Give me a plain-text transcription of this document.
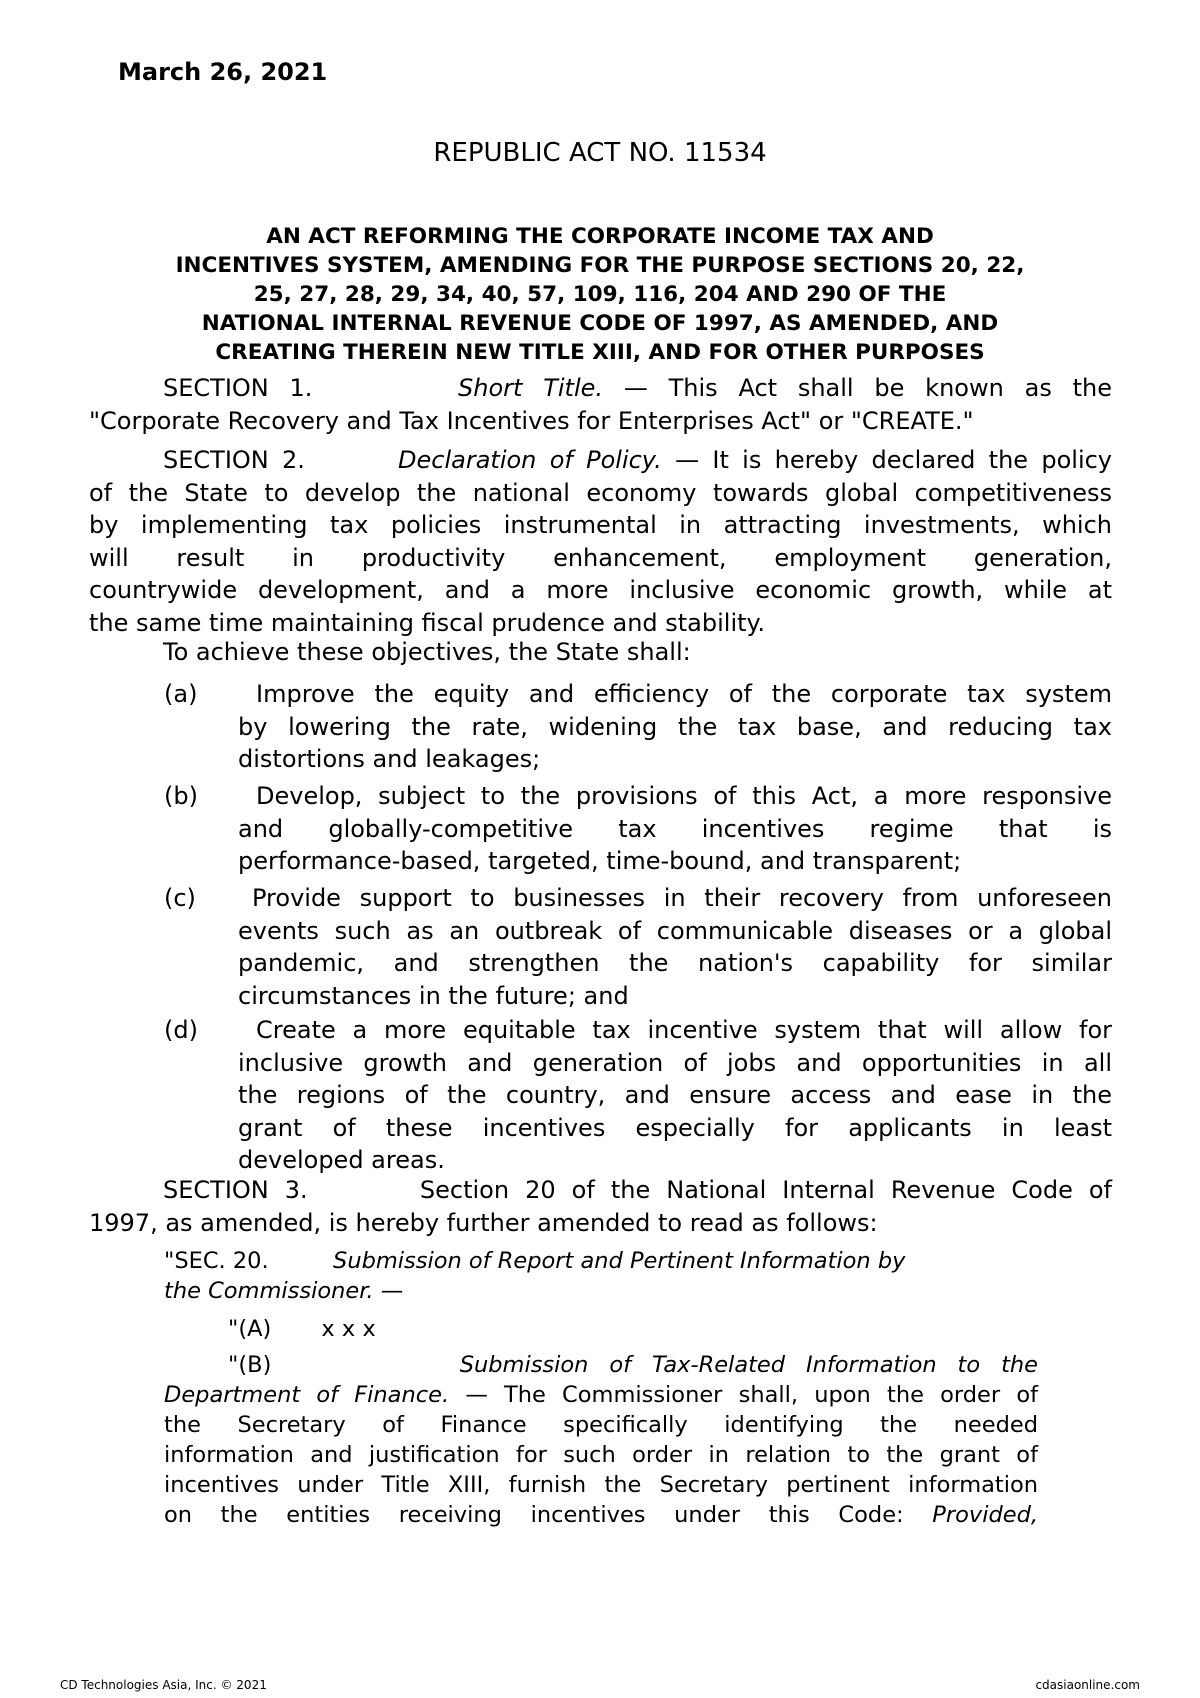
March 26, 2021
REPUBLIC ACT NO. 11534
AN ACT REFORMING THE CORPORATE INCOME TAX AND
INCENTIVES SYSTEM, AMENDING FOR THE PURPOSE SECTIONS 20, 22,
25, 27, 28, 29, 34, 40, 57, 109, 116, 204 AND 290 OF THE
NATIONAL INTERNAL REVENUE CODE OF 1997, AS AMENDED, AND
CREATING THEREIN NEW TITLE XIII, AND FOR OTHER PURPOSES
SECTION 1.	Short Title. — This Act shall be known as the
"Corporate Recovery and Tax Incentives for Enterprises Act" or "CREATE."
SECTION 2.	Declaration of Policy. — It is hereby declared the policy
of the State to develop the national economy towards global competitiveness
by implementing tax policies instrumental in attracting investments, which
will result in productivity enhancement, employment generation,
countrywide development, and a more inclusive economic growth, while at
the same time maintaining fiscal prudence and stability.
To achieve these objectives, the State shall:
(a)	Improve the equity and efficiency of the corporate tax system
by lowering the rate, widening the tax base, and reducing tax
distortions and leakages;
(b)	Develop, subject to the provisions of this Act, a more responsive
and globally-competitive tax incentives regime that is
performance-based, targeted, time-bound, and transparent;
(c)	Provide support to businesses in their recovery from unforeseen
events such as an outbreak of communicable diseases or a global
pandemic, and strengthen the nation's capability for similar
circumstances in the future; and
(d)	Create a more equitable tax incentive system that will allow for
inclusive growth and generation of jobs and opportunities in all
the regions of the country, and ensure access and ease in the
grant of these incentives especially for applicants in least
developed areas.
SECTION 3.	Section 20 of the National Internal Revenue Code of
1997, as amended, is hereby further amended to read as follows:
"SEC. 20.	Submission of Report and Pertinent Information by
the Commissioner. —
"(A) x x x
"(B)	Submission of Tax-Related Information to the
Department of Finance. — The Commissioner shall, upon the order of
the Secretary of Finance specifically identifying the needed
information and justification for such order in relation to the grant of
incentives under Title XIII, furnish the Secretary pertinent information
on the entities receiving incentives under this Code: Provided,
CD Technologies Asia, Inc. © 2021	cdasiaonline.com
